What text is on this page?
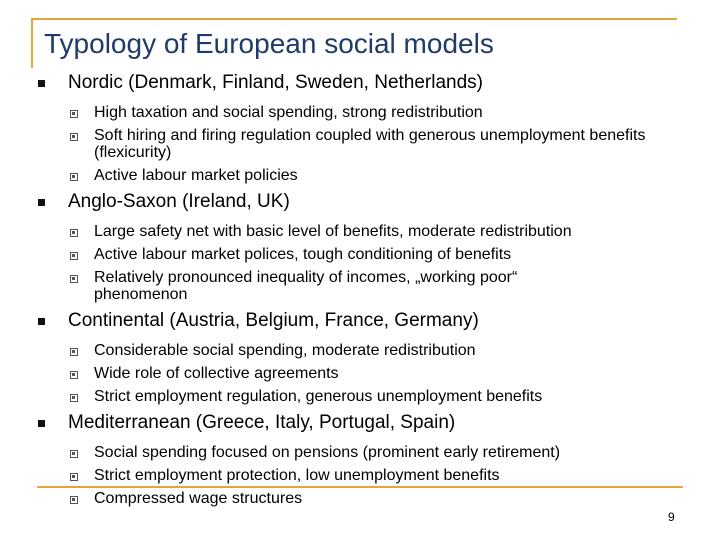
Typology of European social models
Nordic (Denmark, Finland, Sweden, Netherlands)
High taxation and social spending, strong redistribution
Soft hiring and firing regulation coupled with generous unemployment benefits (flexicurity)
Active labour market policies
Anglo-Saxon (Ireland, UK)
Large safety net with basic level of benefits, moderate redistribution
Active labour market polices, tough conditioning of benefits
Relatively pronounced inequality of incomes, „working poor“ phenomenon
Continental (Austria, Belgium, France, Germany)
Considerable social spending, moderate redistribution
Wide role of collective agreements
Strict employment regulation, generous unemployment benefits
Mediterranean (Greece, Italy, Portugal, Spain)
Social spending focused on pensions (prominent early retirement)
Strict employment protection, low unemployment benefits
Compressed wage structures
9
